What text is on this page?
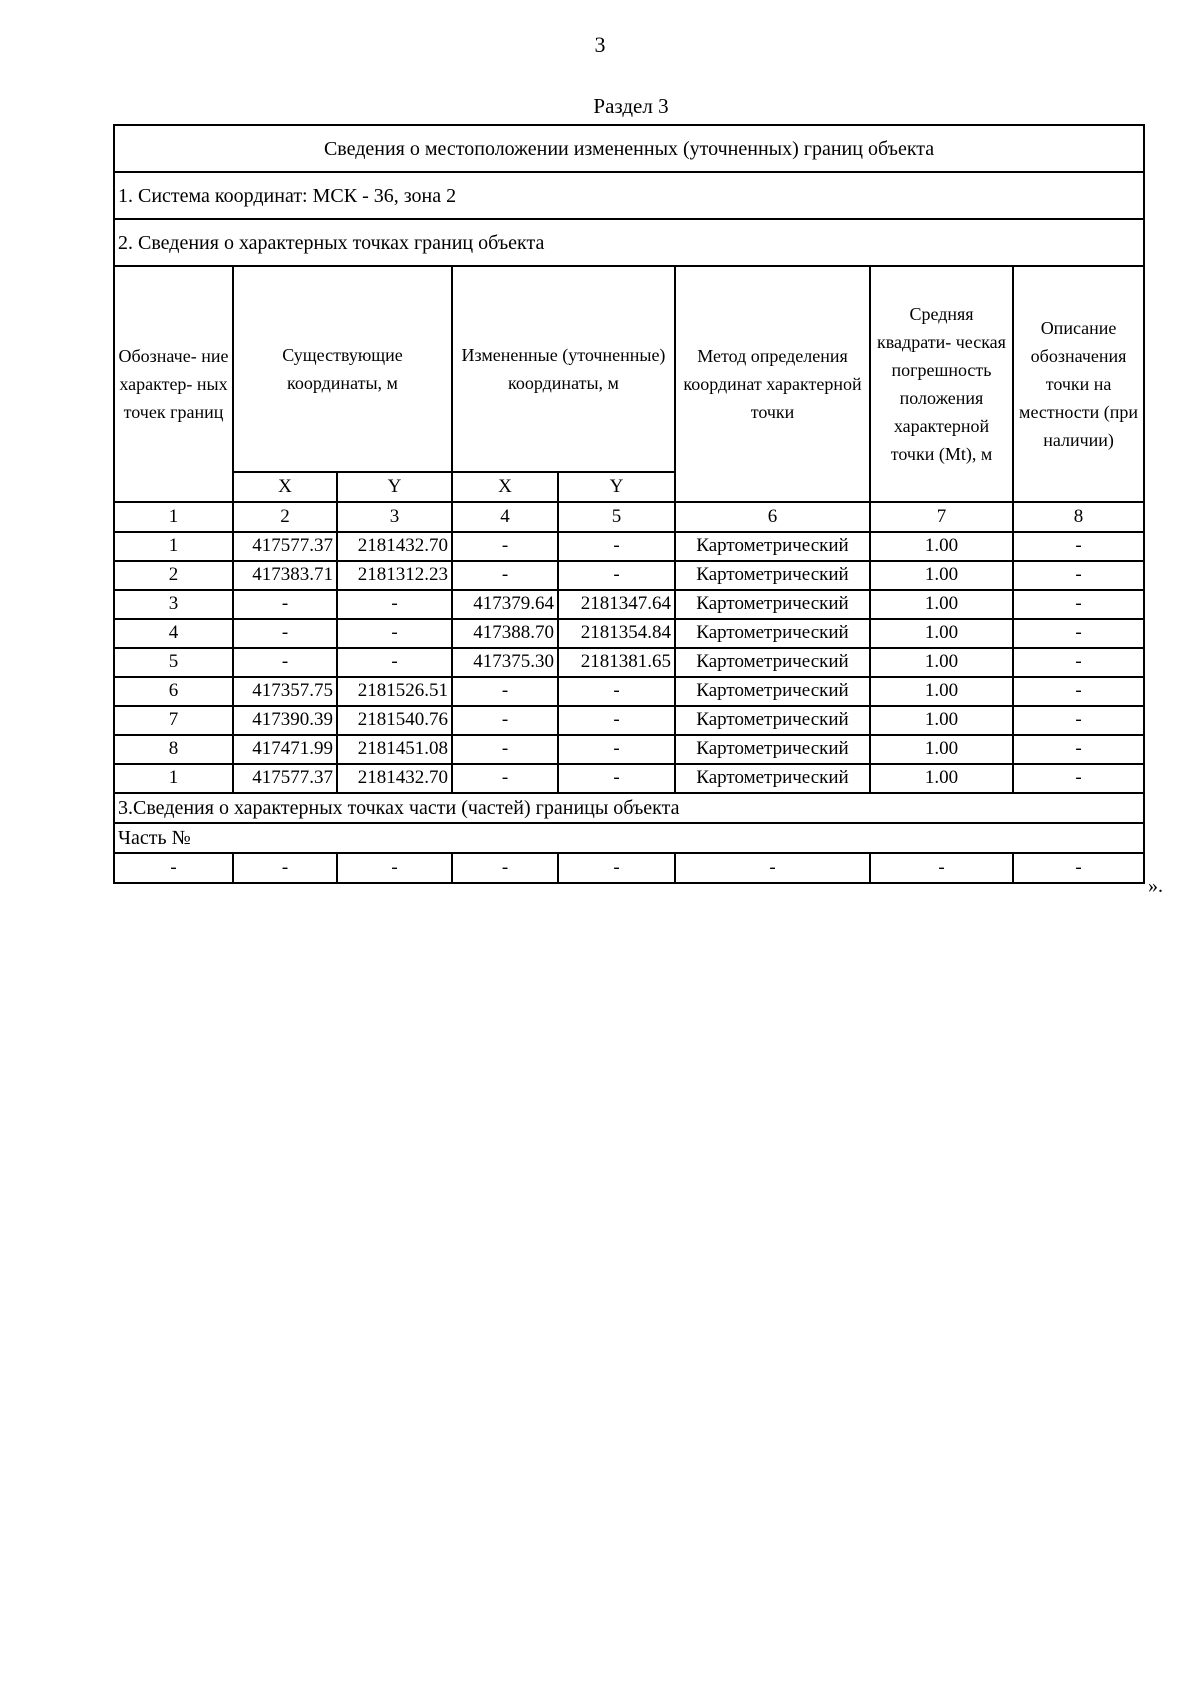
3
Раздел 3
Сведения о местоположении измененных (уточненных) границ объекта							
1. Система координат: МСК - 36, зона 2							
2. Сведения о характерных точках границ объекта							
Обозначе- ние характер- ных точек границ	Существующие координаты, м		Измененные (уточненные) координаты, м		Метод определения координат характерной точки	Средняя квадрати- ческая погрешность положения характерной точки (Mt), м	Описание обозначения точки на местности (при наличии)
	X	Y	X	Y			
1	2	3	4	5	6	7	8
1	417577.37	2181432.70	-	-	Картометрический	1.00	-
2	417383.71	2181312.23	-	-	Картометрический	1.00	-
3	-	-	417379.64	2181347.64	Картометрический	1.00	-
4	-	-	417388.70	2181354.84	Картометрический	1.00	-
5	-	-	417375.30	2181381.65	Картометрический	1.00	-
6	417357.75	2181526.51	-	-	Картометрический	1.00	-
7	417390.39	2181540.76	-	-	Картометрический	1.00	-
8	417471.99	2181451.08	-	-	Картометрический	1.00	-
1	417577.37	2181432.70	-	-	Картометрический	1.00	-
3.Сведения о характерных точках части (частей) границы объекта							
Часть №							
-	-	-	-	-	-	-	-
».
